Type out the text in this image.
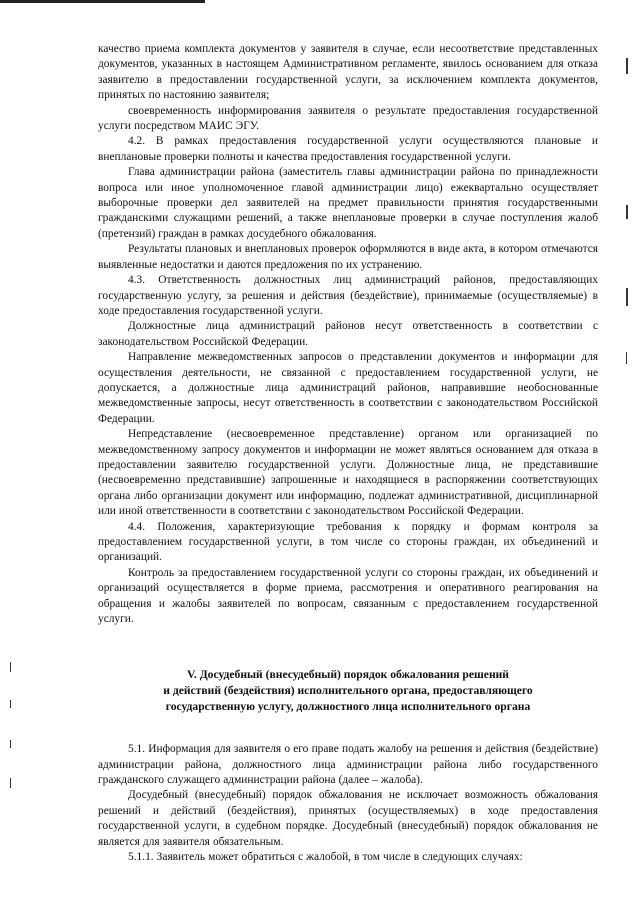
качество приема комплекта документов у заявителя в случае, если несоответствие представленных документов, указанных в настоящем Административном регламенте, явилось основанием для отказа заявителю в предоставлении государственной услуги, за исключением комплекта документов, принятых по настоянию заявителя;

своевременность информирования заявителя о результате предоставления государственной услуги посредством МАИС ЭГУ.

4.2. В рамках предоставления государственной услуги осуществляются плановые и внеплановые проверки полноты и качества предоставления государственной услуги.

Глава администрации района (заместитель главы администрации района по принадлежности вопроса или иное уполномоченное главой администрации лицо) ежеквартально осуществляет выборочные проверки дел заявителей на предмет правильности принятия государственными гражданскими служащими решений, а также внеплановые проверки в случае поступления жалоб (претензий) граждан в рамках досудебного обжалования.

Результаты плановых и внеплановых проверок оформляются в виде акта, в котором отмечаются выявленные недостатки и даются предложения по их устранению.

4.3. Ответственность должностных лиц администраций районов, предоставляющих государственную услугу, за решения и действия (бездействие), принимаемые (осуществляемые) в ходе предоставления государственной услуги.

Должностные лица администраций районов несут ответственность в соответствии с законодательством Российской Федерации.

Направление межведомственных запросов о представлении документов и информации для осуществления деятельности, не связанной с предоставлением государственной услуги, не допускается, а должностные лица администраций районов, направившие необоснованные межведомственные запросы, несут ответственность в соответствии с законодательством Российской Федерации.

Непредставление (несвоевременное представление) органом или организацией по межведомственному запросу документов и информации не может являться основанием для отказа в предоставлении заявителю государственной услуги. Должностные лица, не представившие (несвоевременно представившие) запрошенные и находящиеся в распоряжении соответствующих органа либо организации документ или информацию, подлежат административной, дисциплинарной или иной ответственности в соответствии с законодательством Российской Федерации.

4.4. Положения, характеризующие требования к порядку и формам контроля за предоставлением государственной услуги, в том числе со стороны граждан, их объединений и организаций.

Контроль за предоставлением государственной услуги со стороны граждан, их объединений и организаций осуществляется в форме приема, рассмотрения и оперативного реагирования на обращения и жалобы заявителей по вопросам, связанным с предоставлением государственной услуги.

V. Досудебный (внесудебный) порядок обжалования решений
и действий (бездействия) исполнительного органа, предоставляющего
государственную услугу, должностного лица исполнительного органа

5.1. Информация для заявителя о его праве подать жалобу на решения и действия (бездействие) администрации района, должностного лица администрации района либо государственного гражданского служащего администрации района (далее – жалоба).

Досудебный (внесудебный) порядок обжалования не исключает возможность обжалования решений и действий (бездействия), принятых (осуществляемых) в ходе предоставления государственной услуги, в судебном порядке. Досудебный (внесудебный) порядок обжалования не является для заявителя обязательным.

5.1.1. Заявитель может обратиться с жалобой, в том числе в следующих случаях:
